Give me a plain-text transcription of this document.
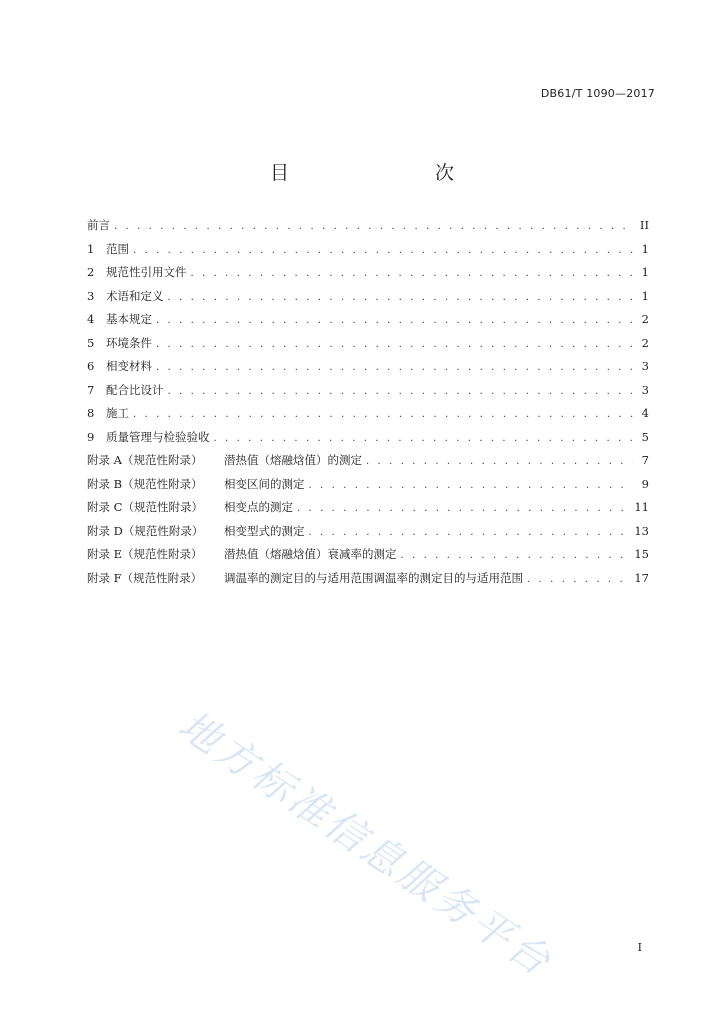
DB61/T 1090—2017
目　　次
前言 . . .	II
1	范围 . . .	1
2	规范性引用文件 . . .	1
3	术语和定义 . . .	1
4	基本规定 . . .	2
5	环境条件 . . .	2
6	相变材料 . . .	3
7	配合比设计 . . .	3
8	施工 . . .	4
9	质量管理与检验验收 . . .	5
附录 A（规范性附录）	潜热值（熔融焓值）的测定 . . .	7
附录 B（规范性附录）	相变区间的测定 . . .	9
附录 C（规范性附录）	相变点的测定 . . .	11
附录 D（规范性附录）	相变型式的测定 . . .	13
附录 E（规范性附录）	潜热值（熔融焓值）衰减率的测定 . . .	15
附录 F（规范性附录）	调温率的测定目的与适用范围调温率的测定目的与适用范围 . . .	17
地方标准信息服务平台	I
